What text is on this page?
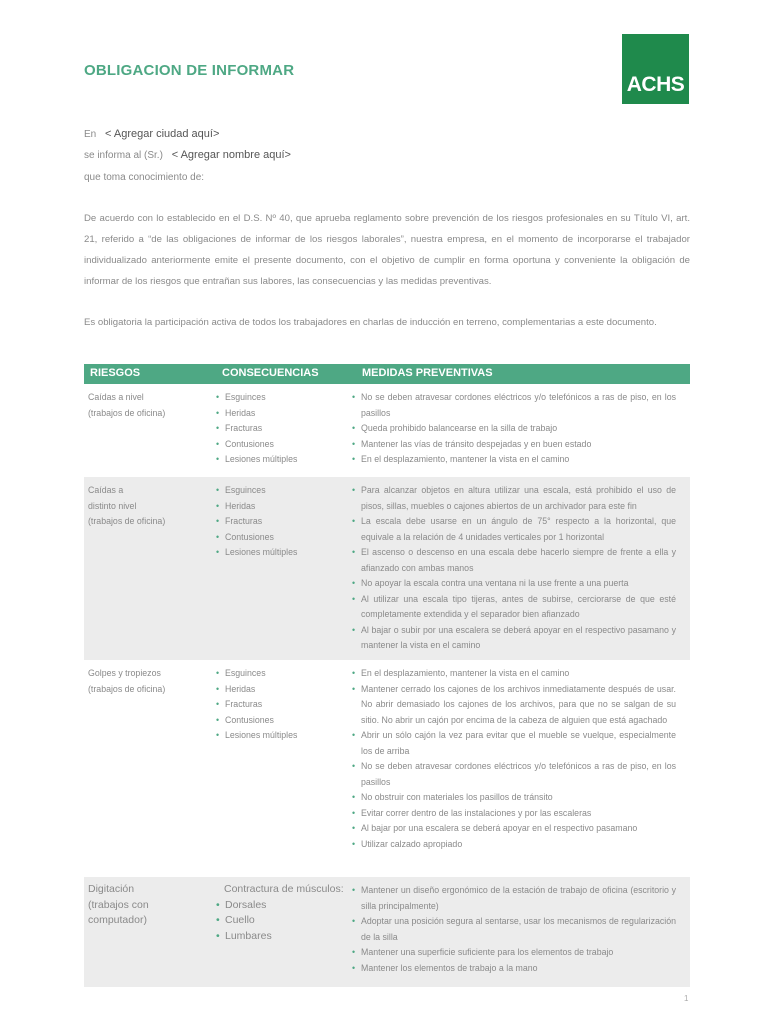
OBLIGACION DE INFORMAR
ACHS
En < Agregar ciudad aquí>
se informa al (Sr.) < Agregar nombre aquí>
que toma conocimiento de:
De acuerdo con lo establecido en el D.S. Nº 40, que aprueba reglamento sobre prevención de los riesgos profesionales en su Título VI, art. 21, referido a “de las obligaciones de informar de los riesgos laborales”, nuestra empresa, en el momento de incorporarse el trabajador individualizado anteriormente emite el presente documento, con el objetivo de cumplir en forma oportuna y conveniente la obligación de informar de los riesgos que entrañan sus labores, las consecuencias y las medidas preventivas.
Es obligatoria la participación activa de todos los trabajadores en charlas de inducción en terreno, complementarias a este documento.
RIESGOS	CONSECUENCIAS	MEDIDAS PREVENTIVAS
Caídas a nivel
(trabajos de oficina)
• Esguinces
• Heridas
• Fracturas
• Contusiones
• Lesiones múltiples
• No se deben atravesar cordones eléctricos y/o telefónicos a ras de piso, en los pasillos
• Queda prohibido balancearse en la silla de trabajo
• Mantener las vías de tránsito despejadas y en buen estado
• En el desplazamiento, mantener la vista en el camino
Caídas a
distinto nivel
(trabajos de oficina)
• Esguinces
• Heridas
• Fracturas
• Contusiones
• Lesiones múltiples
• Para alcanzar objetos en altura utilizar una escala, está prohibido el uso de pisos, sillas, muebles o cajones abiertos de un archivador para este fin
• La escala debe usarse en un ángulo de 75° respecto a la horizontal, que equivale a la relación de 4 unidades verticales por 1 horizontal
• El ascenso o descenso en una escala debe hacerlo siempre de frente a ella y afianzado con ambas manos
• No apoyar la escala contra una ventana ni la use frente a una puerta
• Al utilizar una escala tipo tijeras, antes de subirse, cerciorarse de que esté completamente extendida y el separador bien afianzado
• Al bajar o subir por una escalera se deberá apoyar en el respectivo pasamano y mantener la vista en el camino
Golpes y tropiezos
(trabajos de oficina)
• Esguinces
• Heridas
• Fracturas
• Contusiones
• Lesiones múltiples
• En el desplazamiento, mantener la vista en el camino
• Mantener cerrado los cajones de los archivos inmediatamente después de usar. No abrir demasiado los cajones de los archivos, para que no se salgan de su sitio. No abrir un cajón por encima de la cabeza de alguien que está agachado
• Abrir un sólo cajón la vez para evitar que el mueble se vuelque, especialmente los de arriba
• No se deben atravesar cordones eléctricos y/o telefónicos a ras de piso, en los pasillos
• No obstruir con materiales los pasillos de tránsito
• Evitar correr dentro de las instalaciones y por las escaleras
• Al bajar por una escalera se deberá apoyar en el respectivo pasamano
• Utilizar calzado apropiado
Digitación
(trabajos con
computador)
Contractura de músculos:
• Dorsales
• Cuello
• Lumbares
• Mantener un diseño ergonómico de la estación de trabajo de oficina (escritorio y silla principalmente)
• Adoptar una posición segura al sentarse, usar los mecanismos de regularización de la silla
• Mantener una superficie suficiente para los elementos de trabajo
• Mantener los elementos de trabajo a la mano
1
